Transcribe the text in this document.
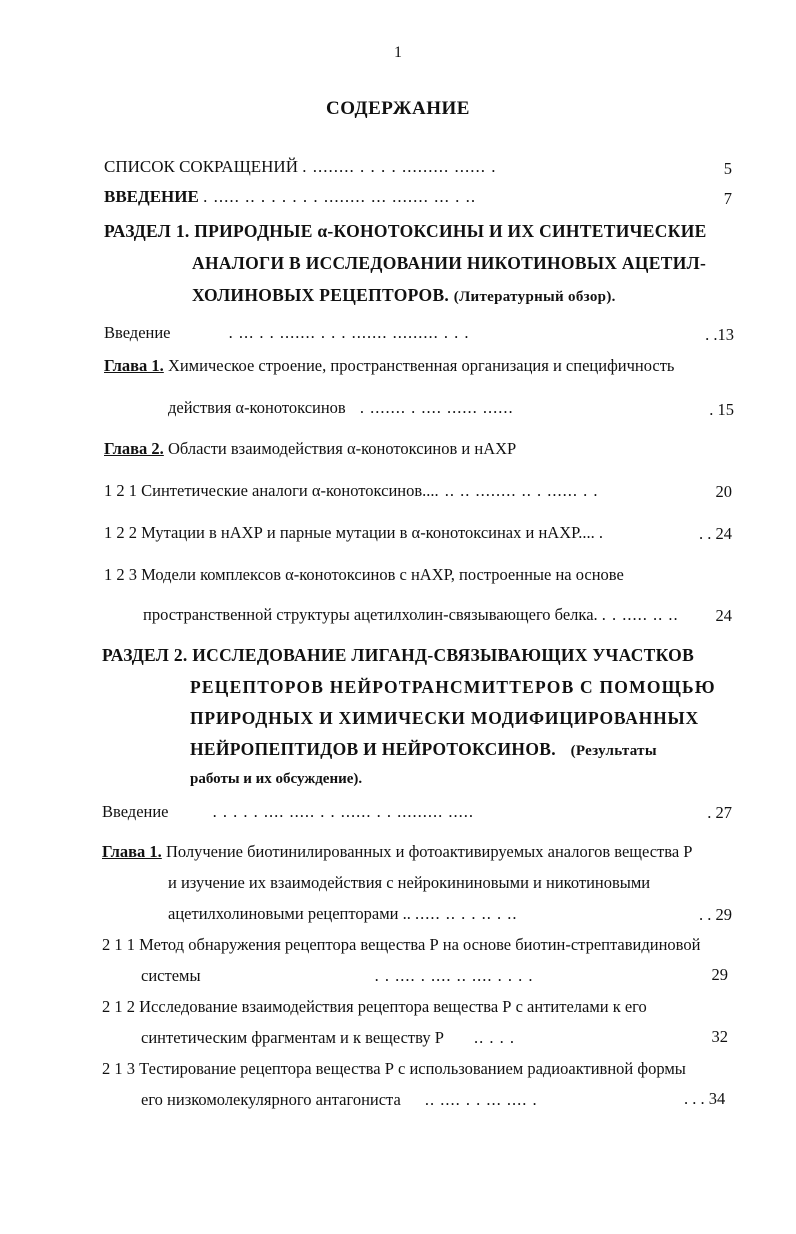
1
СОДЕРЖАНИЕ
СПИСОК СОКРАЩЕНИЙ . ........ . . . . ......... ...... .	5
ВВЕДЕНИЕ . ..... .. . . . . . . ........ ... ....... ... . ..	7
РАЗДЕЛ 1. ПРИРОДНЫЕ α-КОНОТОКСИНЫ И ИХ СИНТЕТИЧЕСКИЕ
АНАЛОГИ В ИССЛЕДОВАНИИ НИКОТИНОВЫХ АЦЕТИЛ-
ХОЛИНОВЫХ РЕЦЕПТОРОВ. (Литературный обзор).
Введение	. ... . . ....... . . . ....... ......... . . .	. .13
Глава 1. Химическое строение, пространственная организация и специфичность
действия α-конотоксинов . ....... . .... ...... ......	. 15
Глава 2. Области взаимодействия α-конотоксинов и нАХР
1 2 1 Синтетические аналоги α-конотоксинов.... .. .. ........ .. . ...... . .	20
1 2 2 Мутации в нАХР и парные мутации в α-конотоксинах и нАХР.... .	. . 24
1 2 3 Модели комплексов α-конотоксинов с нАХР, построенные на основе
пространственной структуры ацетилхолин-связывающего белка. . . ..... .. ..	24
РАЗДЕЛ 2. ИССЛЕДОВАНИЕ ЛИГАНД-СВЯЗЫВАЮЩИХ УЧАСТКОВ
РЕЦЕПТОРОВ НЕЙРОТРАНСМИТТЕРОВ С ПОМОЩЬЮ
ПРИРОДНЫХ И ХИМИЧЕСКИ МОДИФИЦИРОВАННЫХ
НЕЙРОПЕПТИДОВ И НЕЙРОТОКСИНОВ. (Результаты
работы и их обсуждение).
Введение	. . . . . .... ..... . . ...... . . ......... .....	. 27
Глава 1. Получение биотинилированных и фотоактивируемых аналогов вещества Р
и изучение их взаимодействия с нейрокининовыми и никотиновыми
ацетилхолиновыми рецепторами .. ..... .. . . .. . ..	. . 29
2 1 1 Метод обнаружения рецептора вещества Р на основе биотин-стрептавидиновой
системы	. . .... . .... .. .... . . . .	29
2 1 2 Исследование взаимодействия рецептора вещества Р с антителами к его
синтетическим фрагментам и к веществу Р .. . . .	32
2 1 3 Тестирование рецептора вещества Р с использованием радиоактивной формы
его низкомолекулярного антагониста .. .... . . ... .... .	. . . 34
